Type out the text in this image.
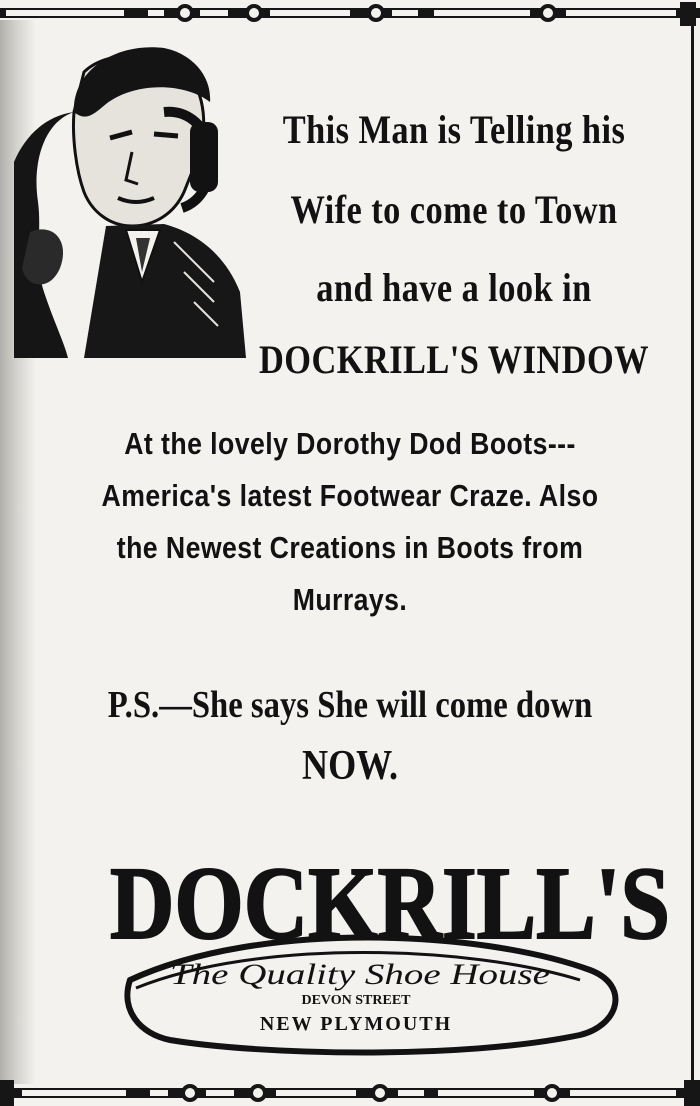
This Man is Telling his
Wife to come to Town
and have a look in
DOCKRILL'S WINDOW
At the lovely Dorothy Dod Boots---
America's latest Footwear Craze. Also
the Newest Creations in Boots from
Murrays.
P.S.—She says She will come down
NOW.
DOCKRILL'S
The Quality Shoe House
DEVON STREET
NEW PLYMOUTH
